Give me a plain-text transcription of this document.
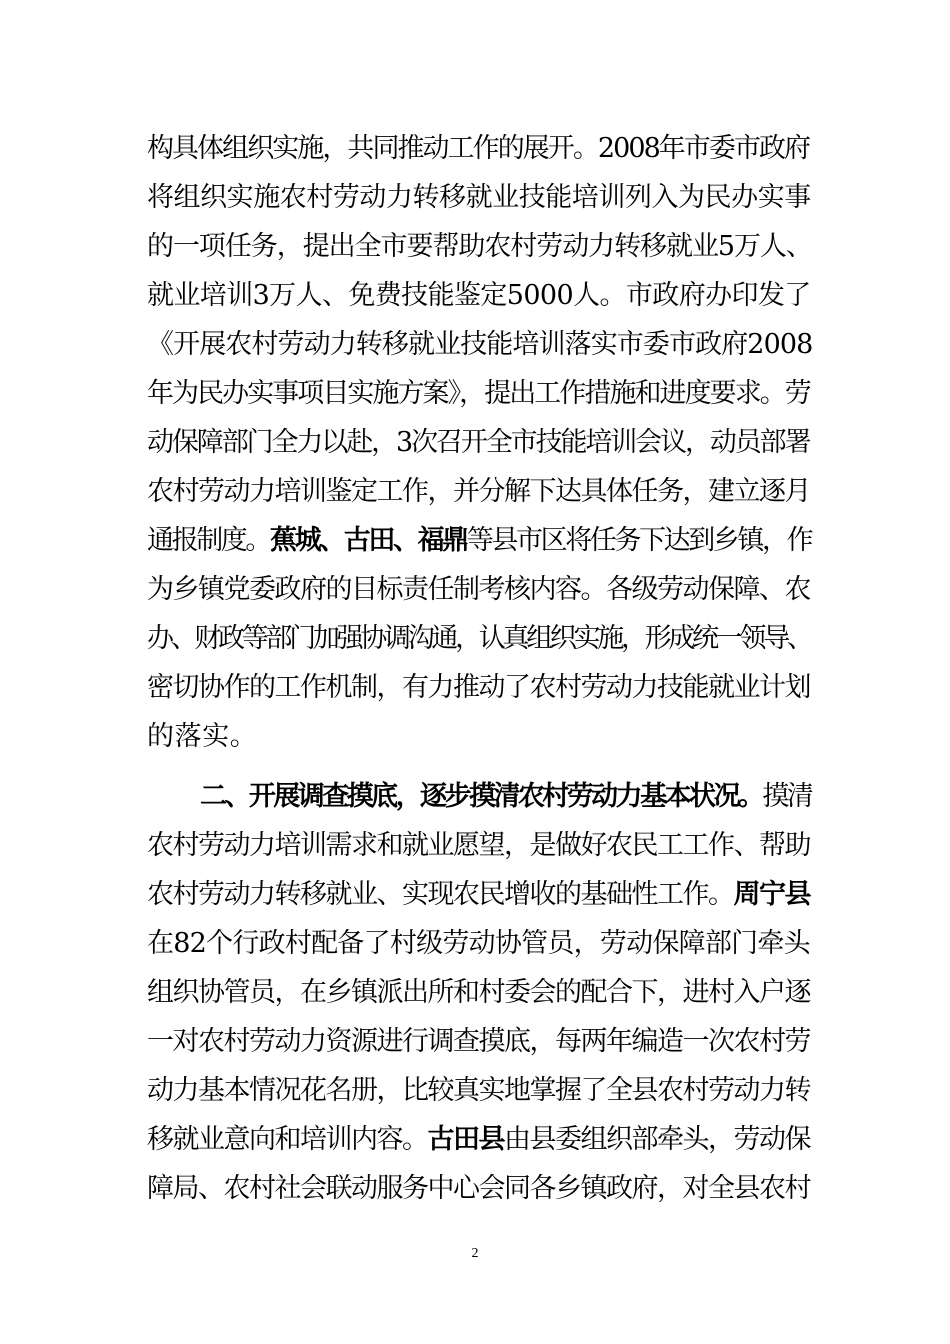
构具体组织实施，共同推动工作的展开。2008年市委市政府
将组织实施农村劳动力转移就业技能培训列入为民办实事
的一项任务，提出全市要帮助农村劳动力转移就业5万人、
就业培训3万人、免费技能鉴定5000人。市政府办印发了
《开展农村劳动力转移就业技能培训落实市委市政府2008
年为民办实事项目实施方案》，提出工作措施和进度要求。劳
动保障部门全力以赴，3次召开全市技能培训会议，动员部署
农村劳动力培训鉴定工作，并分解下达具体任务，建立逐月
通报制度。蕉城、古田、福鼎等县市区将任务下达到乡镇，作
为乡镇党委政府的目标责任制考核内容。各级劳动保障、农
办、财政等部门加强协调沟通，认真组织实施，形成统一领导、
密切协作的工作机制，有力推动了农村劳动力技能就业计划
的落实。
二、开展调查摸底，逐步摸清农村劳动力基本状况。摸清
农村劳动力培训需求和就业愿望，是做好农民工工作、帮助
农村劳动力转移就业、实现农民增收的基础性工作。周宁县
在82个行政村配备了村级劳动协管员，劳动保障部门牵头
组织协管员，在乡镇派出所和村委会的配合下，进村入户逐
一对农村劳动力资源进行调查摸底，每两年编造一次农村劳
动力基本情况花名册，比较真实地掌握了全县农村劳动力转
移就业意向和培训内容。古田县由县委组织部牵头，劳动保
障局、农村社会联动服务中心会同各乡镇政府，对全县农村
2
